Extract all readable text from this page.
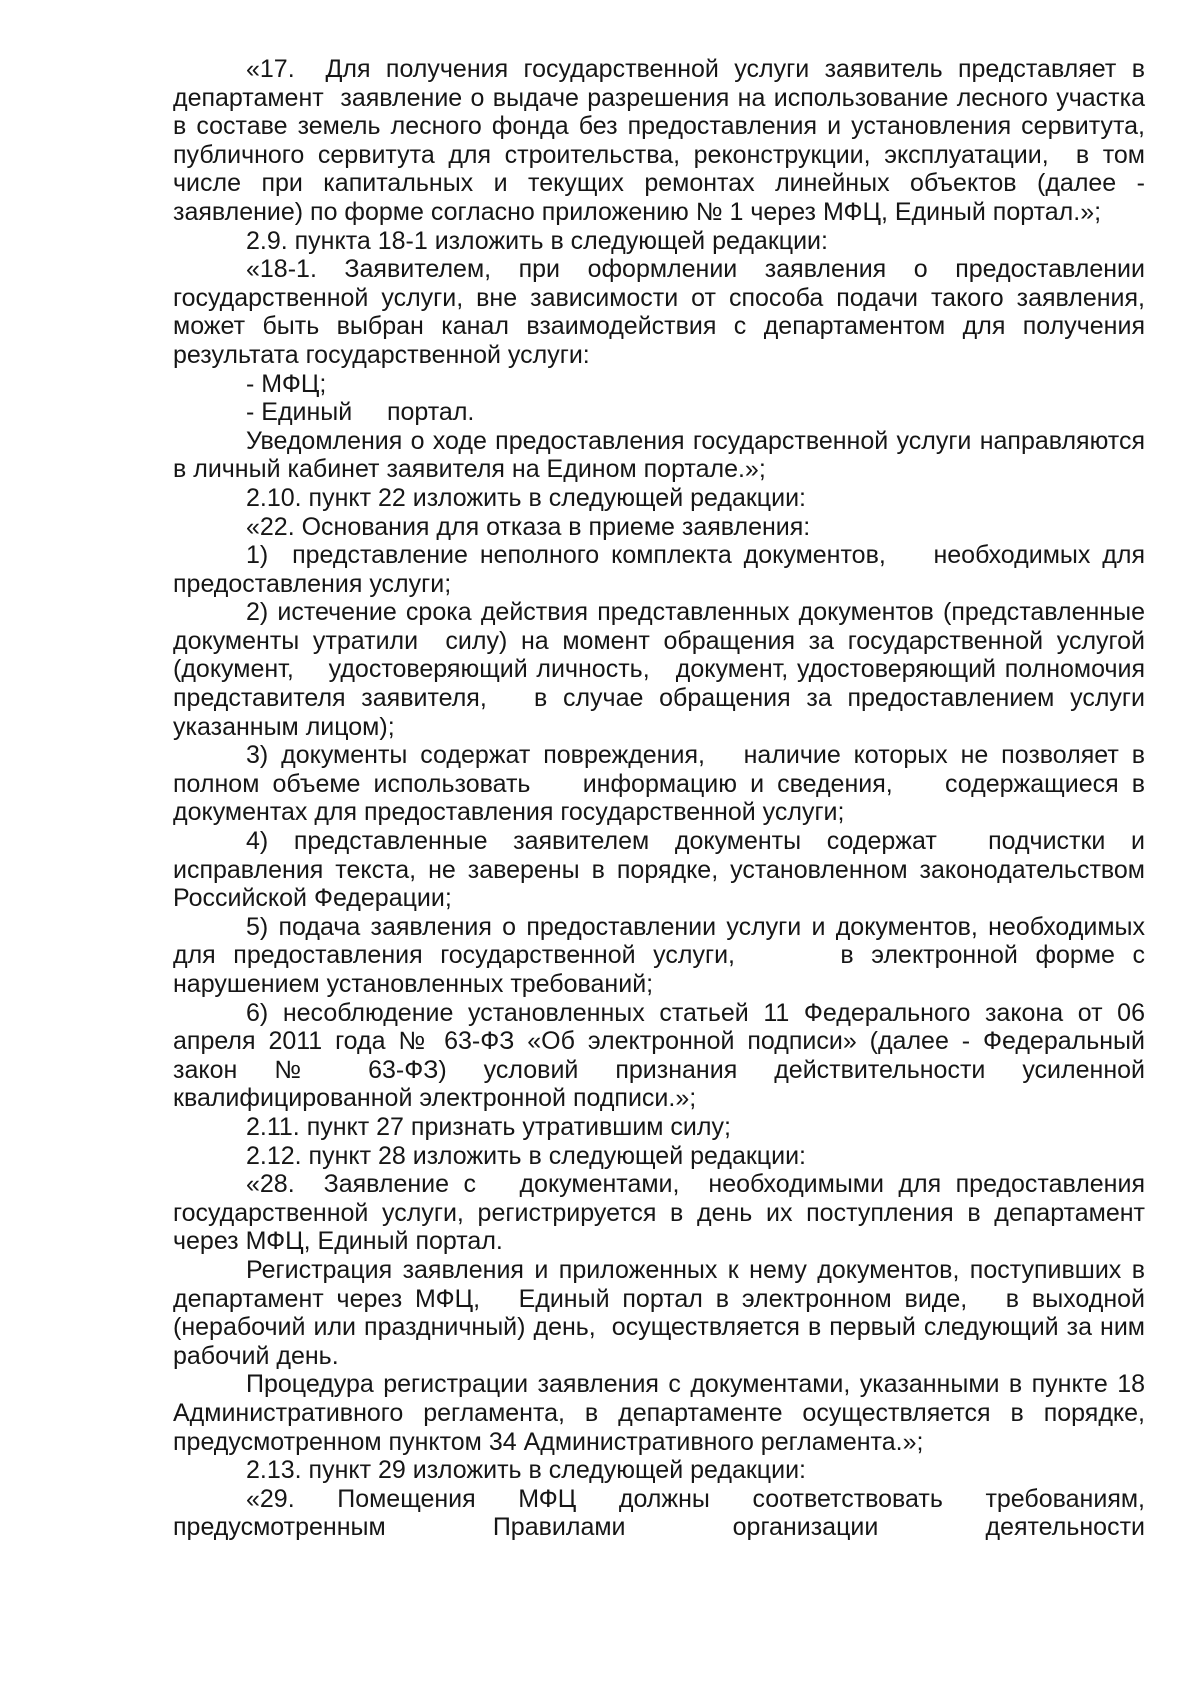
«17.  Для получения государственной услуги заявитель представляет в департамент  заявление о выдаче разрешения на использование лесного участка в составе земель лесного фонда без предоставления и установления сервитута, публичного сервитута для строительства, реконструкции, эксплуатации,  в том числе при капитальных и текущих ремонтах линейных объектов (далее - заявление) по форме согласно приложению № 1 через МФЦ, Единый портал.»;

2.9. пункта 18-1 изложить в следующей редакции:

«18-1. Заявителем, при оформлении заявления о предоставлении государственной услуги, вне зависимости от способа подачи такого заявления, может быть выбран канал взаимодействия с департаментом для получения результата государственной услуги:

- МФЦ;

- Единый     портал.

Уведомления о ходе предоставления государственной услуги направляются в личный кабинет заявителя на Едином портале.»;

2.10. пункт 22 изложить в следующей редакции:

«22. Основания для отказа в приеме заявления:

1)  представление неполного комплекта документов,    необходимых для предоставления услуги;

2) истечение срока действия представленных документов (представленные документы утратили  силу) на момент обращения за государственной услугой (документ,    удостоверяющий личность,   документ, удостоверяющий полномочия представителя заявителя,   в случае обращения за предоставлением услуги указанным лицом);

3) документы содержат повреждения,   наличие которых не позволяет в полном объеме использовать    информацию и сведения,    содержащиеся в документах для предоставления государственной услуги;

4) представленные заявителем документы содержат  подчистки и исправления текста, не заверены в порядке, установленном законодательством Российской Федерации;

5) подача заявления о предоставлении услуги и документов, необходимых для предоставления государственной услуги,      в электронной форме с нарушением установленных требований;

6) несоблюдение установленных статьей 11 Федерального закона от 06 апреля 2011 года № 63-ФЗ «Об электронной подписи» (далее - Федеральный закон № 63-ФЗ) условий признания действительности усиленной квалифицированной электронной подписи.»;

2.11. пункт 27 признать утратившим силу;

2.12. пункт 28 изложить в следующей редакции:

«28.  Заявление с   документами,  необходимыми для предоставления государственной услуги, регистрируется в день их поступления в департамент через МФЦ, Единый портал.

Регистрация заявления и приложенных к нему документов, поступивших в департамент через МФЦ,   Единый портал в электронном виде,   в выходной (нерабочий или праздничный) день,  осуществляется в первый следующий за ним рабочий день.

Процедура регистрации заявления с документами, указанными в пункте 18 Административного регламента, в департаменте осуществляется в порядке, предусмотренном пунктом 34 Административного регламента.»;

2.13. пункт 29 изложить в следующей редакции:

«29. Помещения МФЦ должны соответствовать требованиям, предусмотренным Правилами организации деятельности
